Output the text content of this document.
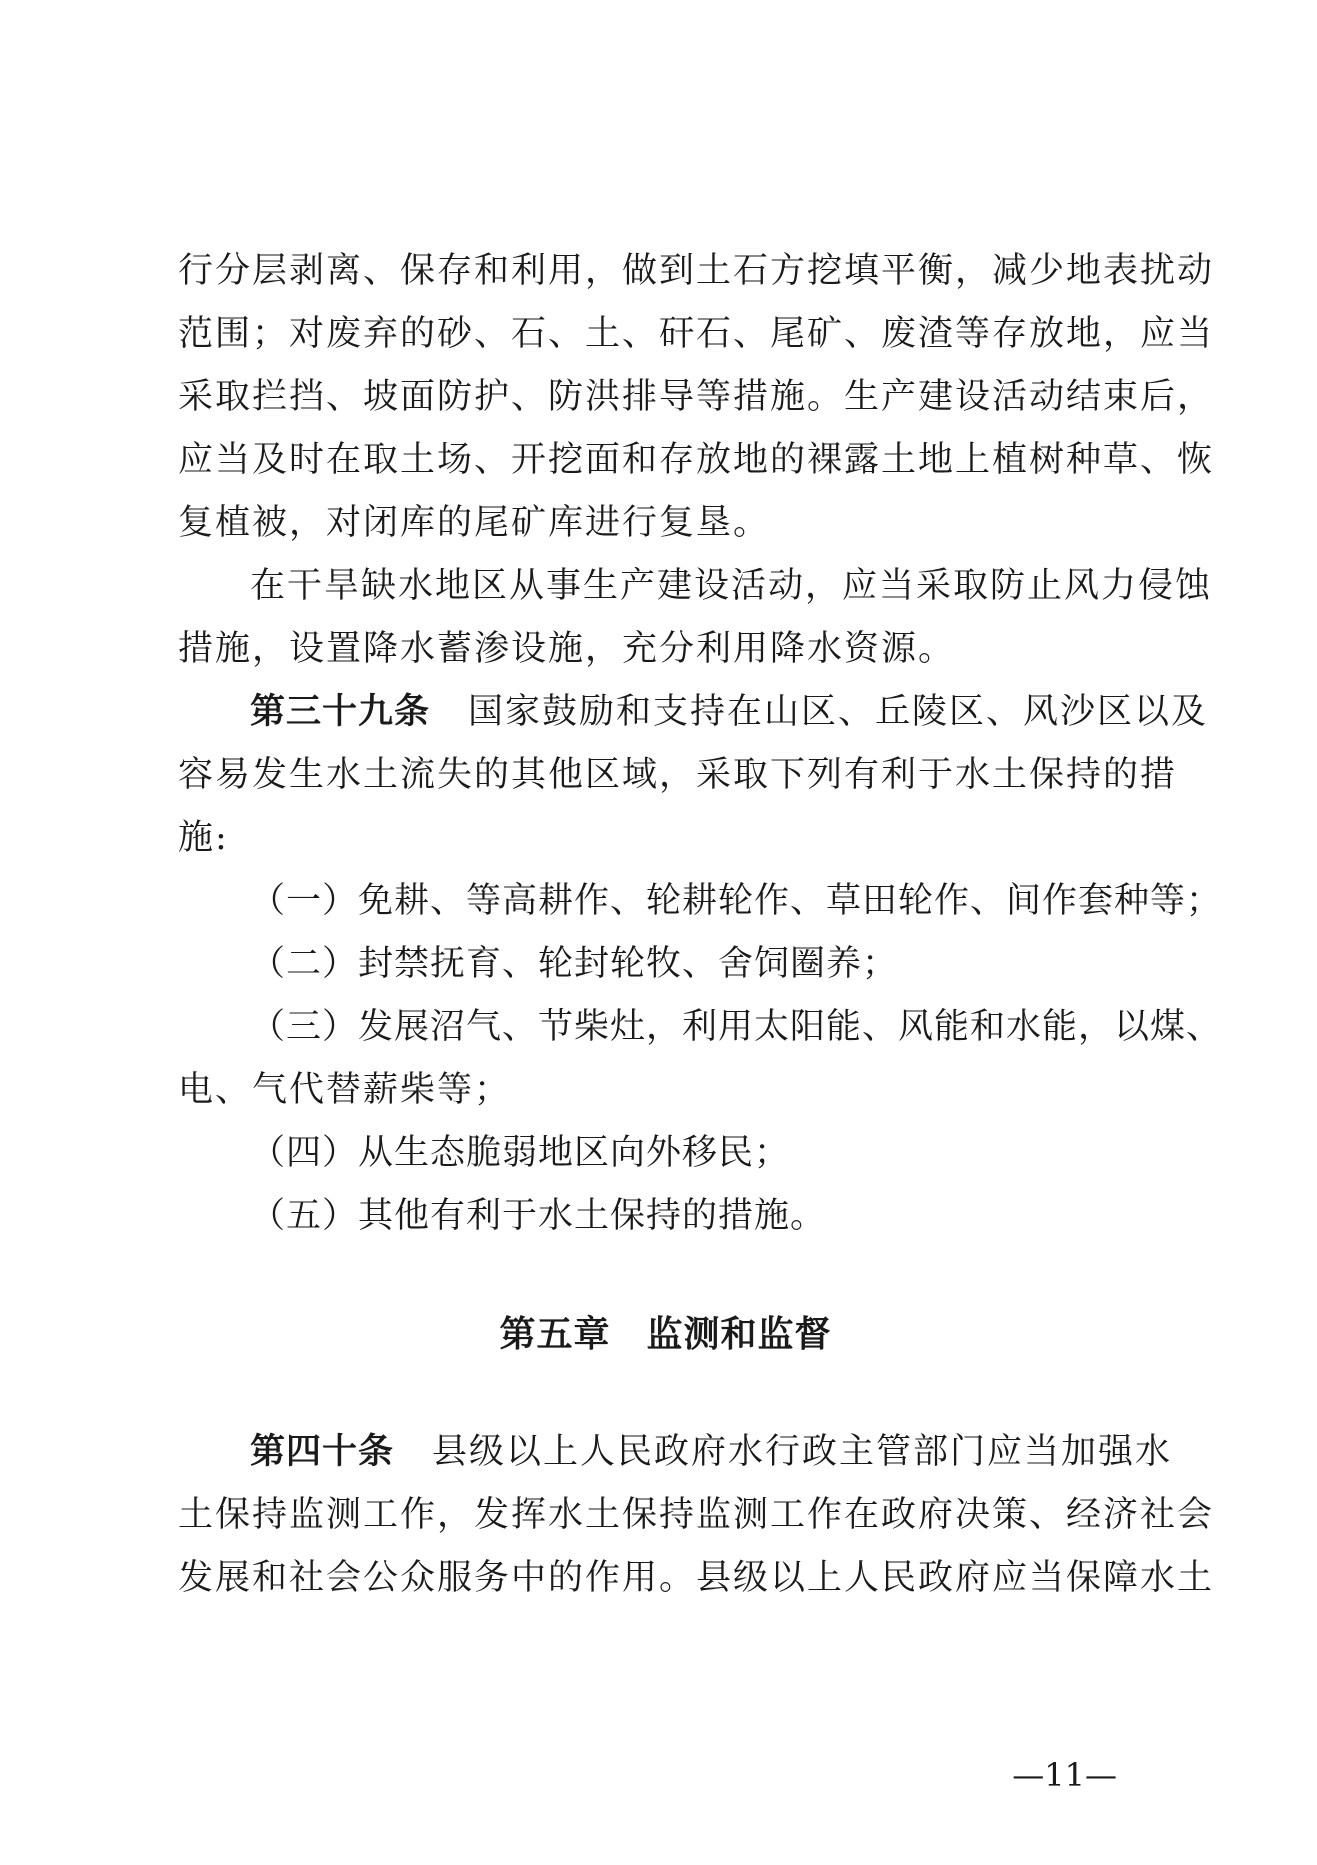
行分层剥离、保存和利用，做到土石方挖填平衡，减少地表扰动
范围；对废弃的砂、石、土、矸石、尾矿、废渣等存放地，应当
采取拦挡、坡面防护、防洪排导等措施。生产建设活动结束后，
应当及时在取土场、开挖面和存放地的裸露土地上植树种草、恢
复植被，对闭库的尾矿库进行复垦。
在干旱缺水地区从事生产建设活动，应当采取防止风力侵蚀
措施，设置降水蓄渗设施，充分利用降水资源。
第三十九条 国家鼓励和支持在山区、丘陵区、风沙区以及
容易发生水土流失的其他区域，采取下列有利于水土保持的措
施:
（一）免耕、等高耕作、轮耕轮作、草田轮作、间作套种等；
（二）封禁抚育、轮封轮牧、舍饲圈养；
（三）发展沼气、节柴灶，利用太阳能、风能和水能，以煤、
电、气代替薪柴等；
（四）从生态脆弱地区向外移民；
（五）其他有利于水土保持的措施。
第五章 监测和监督
第四十条 县级以上人民政府水行政主管部门应当加强水
土保持监测工作，发挥水土保持监测工作在政府决策、经济社会
发展和社会公众服务中的作用。县级以上人民政府应当保障水土
—11—
